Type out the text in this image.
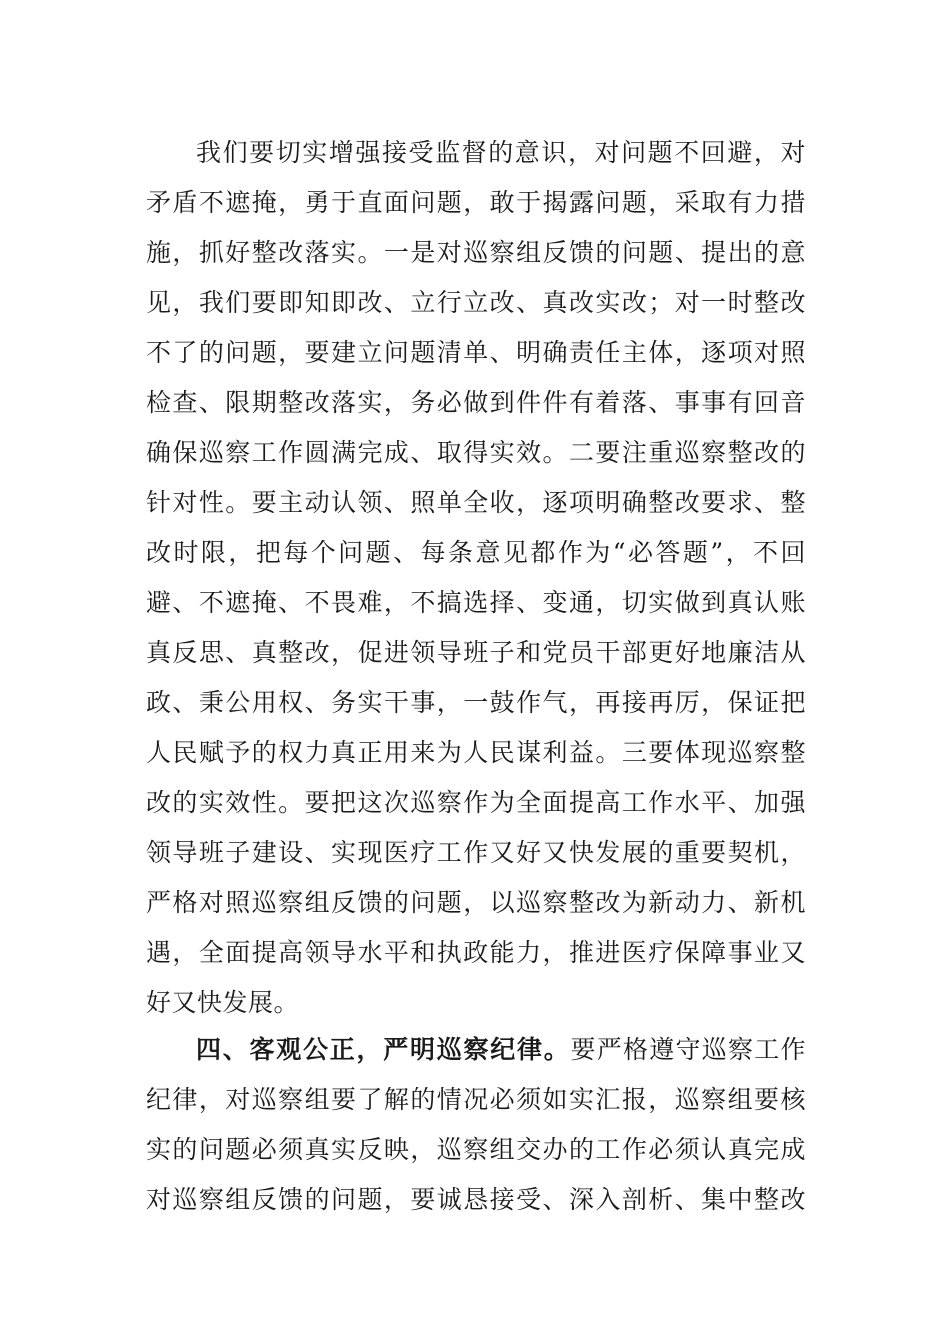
我们要切实增强接受监督的意识，对问题不回避，对
矛盾不遮掩，勇于直面问题，敢于揭露问题，采取有力措
施，抓好整改落实。一是对巡察组反馈的问题、提出的意
见，我们要即知即改、立行立改、真改实改；对一时整改
不了的问题，要建立问题清单、明确责任主体，逐项对照
检查、限期整改落实，务必做到件件有着落、事事有回音
确保巡察工作圆满完成、取得实效。二要注重巡察整改的
针对性。要主动认领、照单全收，逐项明确整改要求、整
改时限，把每个问题、每条意见都作为“必答题”，不回
避、不遮掩、不畏难，不搞选择、变通，切实做到真认账
真反思、真整改，促进领导班子和党员干部更好地廉洁从
政、秉公用权、务实干事，一鼓作气，再接再厉，保证把
人民赋予的权力真正用来为人民谋利益。三要体现巡察整
改的实效性。要把这次巡察作为全面提高工作水平、加强
领导班子建设、实现医疗工作又好又快发展的重要契机，
严格对照巡察组反馈的问题，以巡察整改为新动力、新机
遇，全面提高领导水平和执政能力，推进医疗保障事业又
好又快发展。
四、客观公正，严明巡察纪律。要严格遵守巡察工作
纪律，对巡察组要了解的情况必须如实汇报，巡察组要核
实的问题必须真实反映，巡察组交办的工作必须认真完成
对巡察组反馈的问题，要诚恳接受、深入剖析、集中整改
